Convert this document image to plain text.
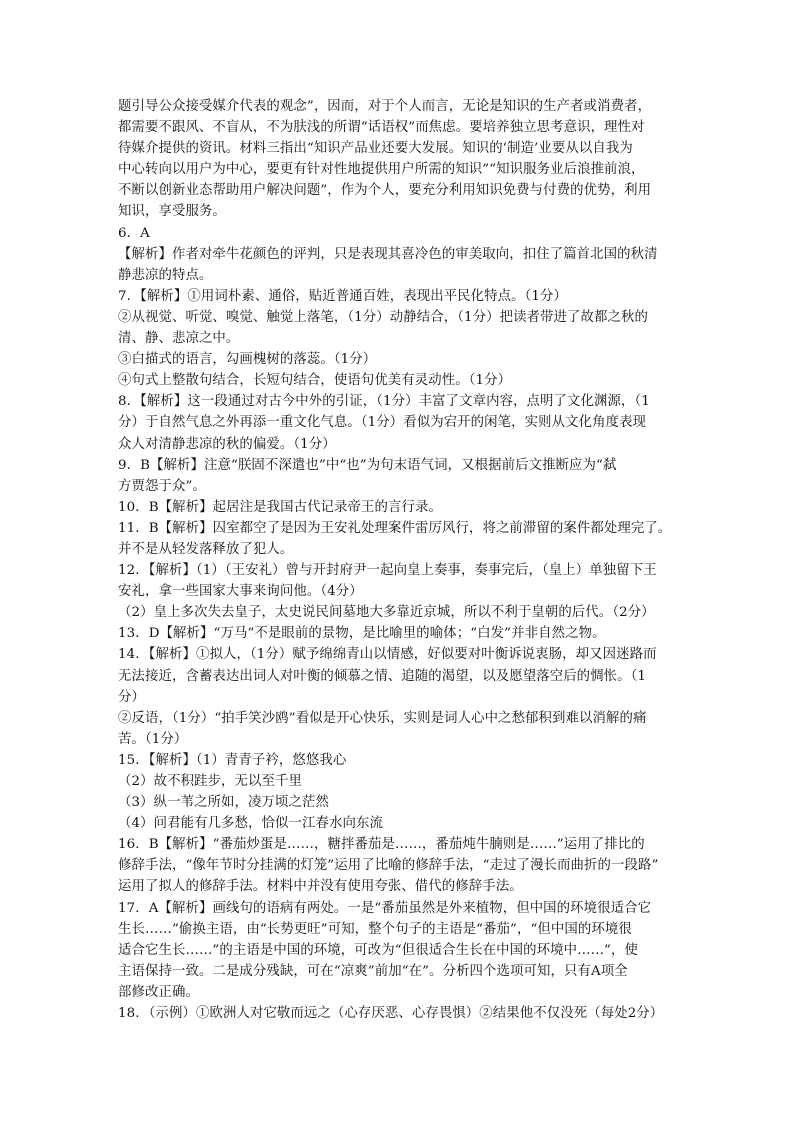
题引导公众接受媒介代表的观念”，因而，对于个人而言，无论是知识的生产者或消费者，
都需要不跟风、不盲从，不为肤浅的所谓“话语权”而焦虑。要培养独立思考意识，理性对
待媒介提供的资讯。材料三指出“知识产品业还要大发展。知识的‘制造’业要从以自我为
中心转向以用户为中心，要更有针对性地提供用户所需的知识”“知识服务业后浪推前浪，
不断以创新业态帮助用户解决问题”，作为个人，要充分利用知识免费与付费的优势，利用
知识，享受服务。
6．A
【解析】作者对牵牛花颜色的评判，只是表现其喜冷色的审美取向，扣住了篇首北国的秋清
静悲凉的特点。
7．【解析】①用词朴素、通俗，贴近普通百姓，表现出平民化特点。（1分）
②从视觉、听觉、嗅觉、触觉上落笔，（1分）动静结合，（1分）把读者带进了故都之秋的
清、静、悲凉之中。
③白描式的语言，勾画槐树的落蕊。（1分）
④句式上整散句结合，长短句结合，使语句优美有灵动性。（1分）
8．【解析】这一段通过对古今中外的引证，（1分）丰富了文章内容，点明了文化渊源，（1
分）于自然气息之外再添一重文化气息。（1分）看似为宕开的闲笔，实则从文化角度表现
众人对清静悲凉的秋的偏爱。（1分）
9．B【解析】注意“朕固不深遣也”中“也”为句末语气词，又根据前后文推断应为“弑
方贾怨于众”。
10．B【解析】起居注是我国古代记录帝王的言行录。
11．B【解析】囚室都空了是因为王安礼处理案件雷厉风行，将之前滞留的案件都处理完了。
并不是从轻发落释放了犯人。
12．【解析】（1）（王安礼）曾与开封府尹一起向皇上奏事，奏事完后，（皇上）单独留下王
安礼，拿一些国家大事来询问他。（4分）
（2）皇上多次失去皇子，太史说民间墓地大多靠近京城，所以不利于皇朝的后代。（2分）
13．D【解析】“万马”不是眼前的景物，是比喻里的喻体；“白发”并非自然之物。
14．【解析】①拟人，（1分）赋予绵绵青山以情感，好似要对叶衡诉说衷肠，却又因迷路而
无法接近，含蓄表达出词人对叶衡的倾慕之情、追随的渴望，以及愿望落空后的惆怅。（1
分）
②反语，（1分）“拍手笑沙鸥”看似是开心快乐，实则是词人心中之愁郁积到难以消解的痛
苦。（1分）
15．【解析】（1）青青子衿，悠悠我心
（2）故不积跬步，无以至千里
（3）纵一苇之所如，凌万顷之茫然
（4）问君能有几多愁，恰似一江春水向东流
16．B【解析】“番茄炒蛋是……，糖拌番茄是……，番茄炖牛腩则是……”运用了排比的
修辞手法，“像年节时分挂满的灯笼”运用了比喻的修辞手法，“走过了漫长而曲折的一段路”
运用了拟人的修辞手法。材料中并没有使用夸张、借代的修辞手法。
17．A【解析】画线句的语病有两处。一是“番茄虽然是外来植物，但中国的环境很适合它
生长……”偷换主语，由“长势更旺”可知，整个句子的主语是“番茄”，“但中国的环境很
适合它生长……”的主语是中国的环境，可改为“但很适合生长在中国的环境中……”，使
主语保持一致。二是成分残缺，可在“凉爽”前加“在”。分析四个选项可知，只有A项全
部修改正确。
18．（示例）①欧洲人对它敬而远之（心存厌恶、心存畏惧）②结果他不仅没死（每处2分）
